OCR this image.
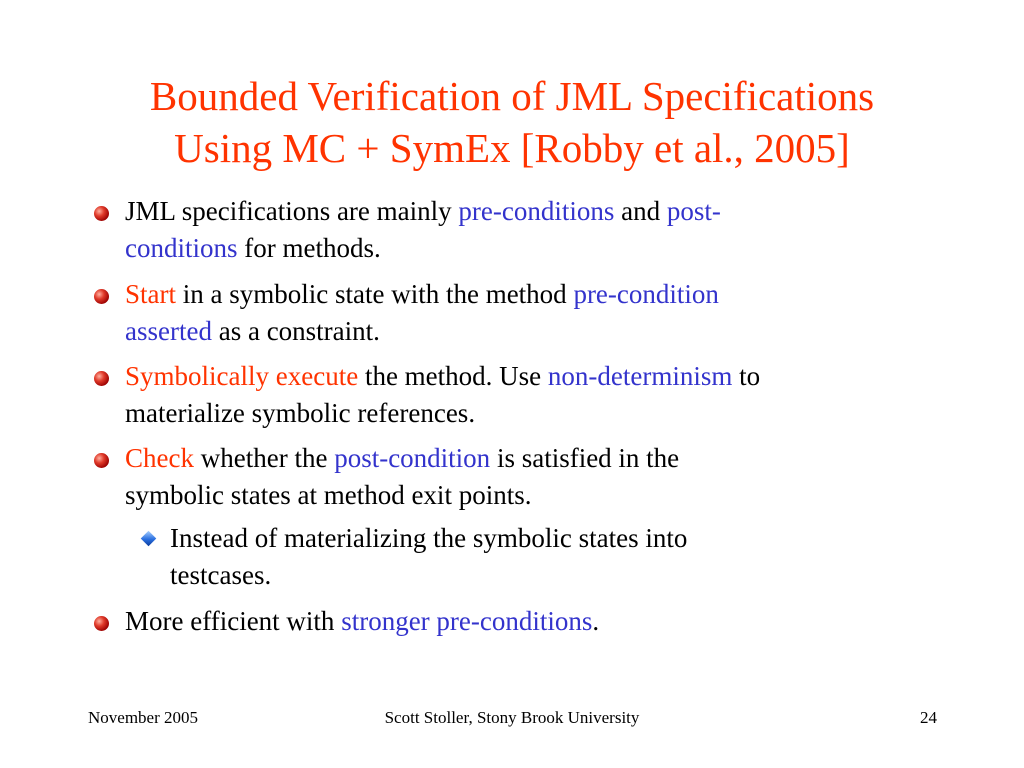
Bounded Verification of JML Specifications
Using MC + SymEx [Robby et al., 2005]
JML specifications are mainly pre-conditions and post-
conditions for methods.
Start in a symbolic state with the method pre-condition
asserted as a constraint.
Symbolically execute the method. Use non-determinism to
materialize symbolic references.
Check whether the post-condition is satisfied in the
symbolic states at method exit points.
Instead of materializing the symbolic states into
testcases.
More efficient with stronger pre-conditions.
November 2005	Scott Stoller, Stony Brook University	24
